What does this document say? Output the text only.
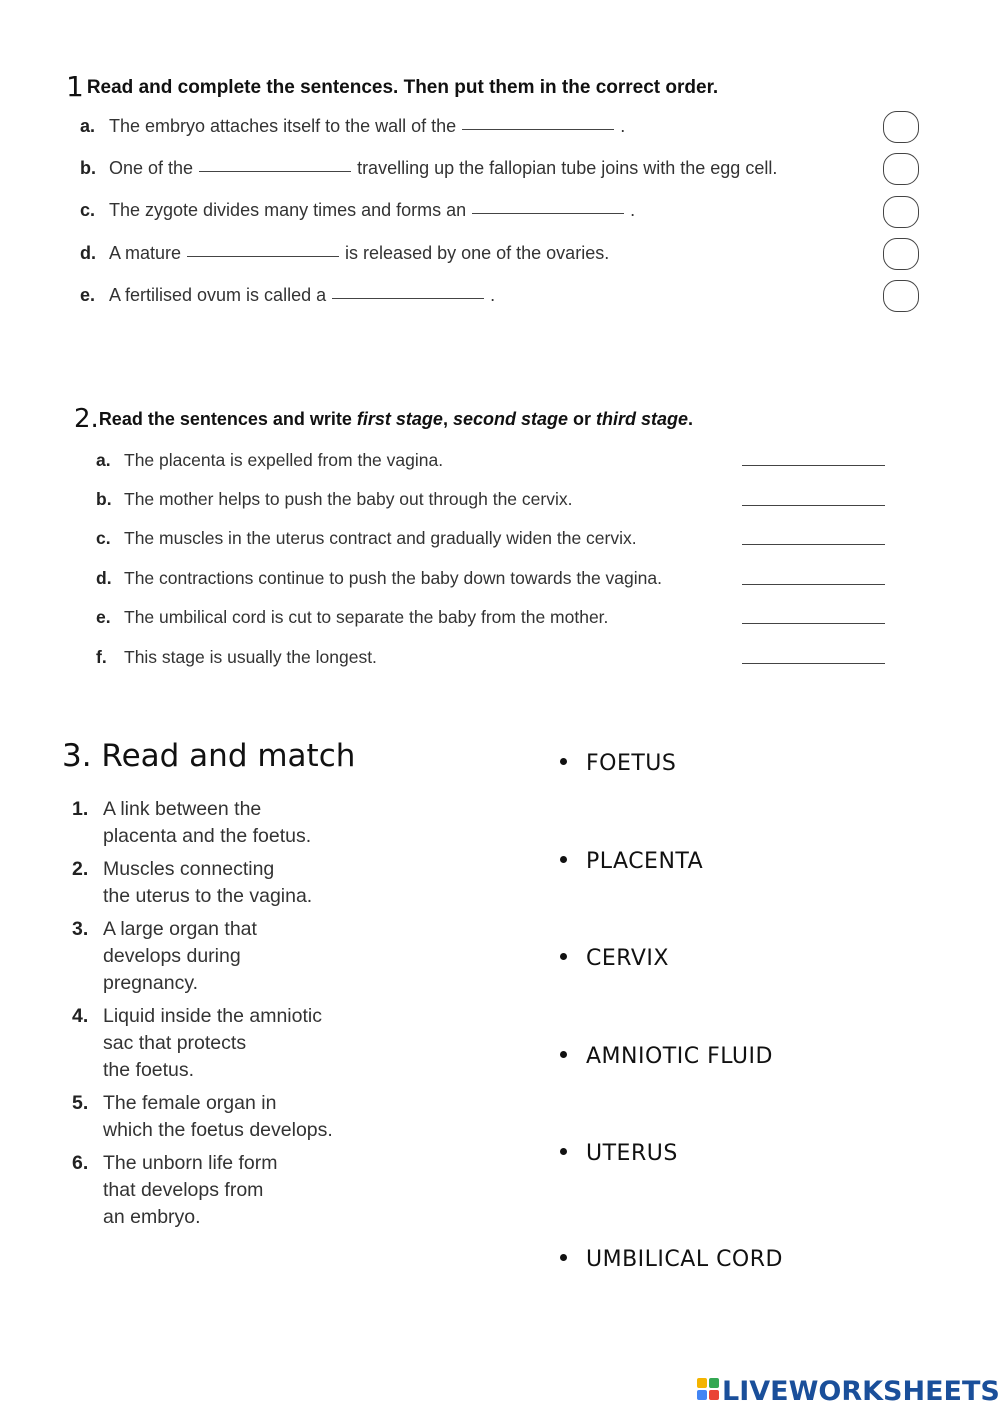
1 Read and complete the sentences. Then put them in the correct order.
a. The embryo attaches itself to the wall of the	.
b. One of the	travelling up the fallopian tube joins with the egg cell.
c. The zygote divides many times and forms an	.
d. A mature	is released by one of the ovaries.
e. A fertilised ovum is called a	.
2.Read the sentences and write first stage, second stage or third stage.
a. The placenta is expelled from the vagina.
b. The mother helps to push the baby out through the cervix.
c. The muscles in the uterus contract and gradually widen the cervix.
d. The contractions continue to push the baby down towards the vagina.
e. The umbilical cord is cut to separate the baby from the mother.
f. This stage is usually the longest.
3. Read and match
1. A link between the
placenta and the foetus.
2. Muscles connecting
the uterus to the vagina.
3. A large organ that
develops during
pregnancy.
4. Liquid inside the amniotic
sac that protects
the foetus.
5. The female organ in
which the foetus develops.
6. The unborn life form
that develops from
an embryo.
FOETUS
PLACENTA
CERVIX
AMNIOTIC FLUID
UTERUS
UMBILICAL CORD
LIVEWORKSHEETS
